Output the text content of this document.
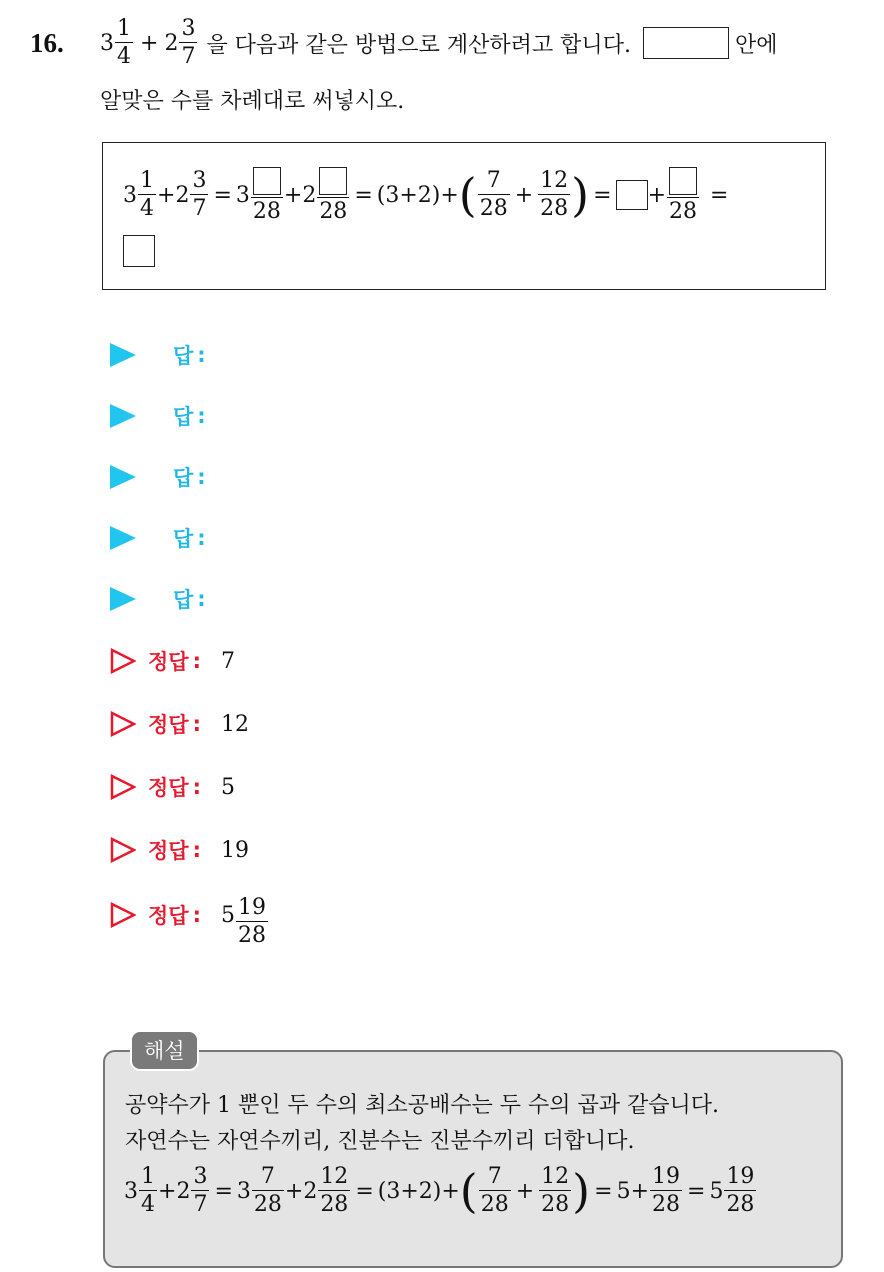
16. $3 \frac{1}{4} + 2 \frac{3}{7}$ 을 다음과 같은 방법으로 계산하려고 합니다.	안에
알맞은 수를 차례대로 써넣시오.
$3 \frac{1}{4} + 2 \frac{3}{7} = 3$
28
+ 2
28
= (3+2)+ ( $\frac{7}{28} + \frac{12}{28}$ ) = +
28
=
답 :
답 :
답 :
답 :
답 :
정답 : 7
정답 : 12
정답 : 5
정답 : 19
정답 : $5 \frac{19}{28}$
해설
공약수가 1 뿐인 두 수의 최소공배수는 두 수의 곱과 같습니다.
자연수는 자연수끼리, 진분수는 진분수끼리 더합니다.
$3 \frac{1}{4} + 2 \frac{3}{7} = 3 \frac{7}{28} + 2 \frac{12}{28} = (3+2)+$ ( $\frac{7}{28} + \frac{12}{28}$ ) = $5 + \frac{19}{28} = 5 \frac{19}{28}$
